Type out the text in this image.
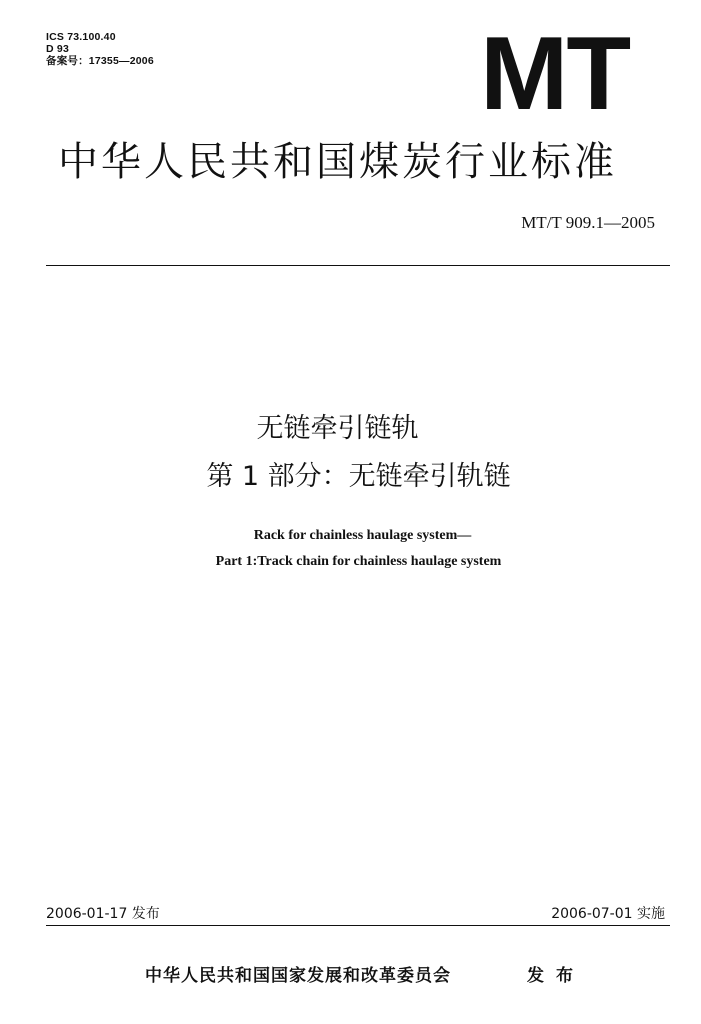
ICS 73.100.40
D 93
备案号：17355—2006	MT
中华人民共和国煤炭行业标准
MT/T 909.1—2005
无链牵引链轨
第 1 部分：无链牵引轨链
Rack for chainless haulage system—
Part 1:Track chain for chainless haulage system
2006-01-17 发布	2006-07-01 实施
中华人民共和国国家发展和改革委员会	发布
